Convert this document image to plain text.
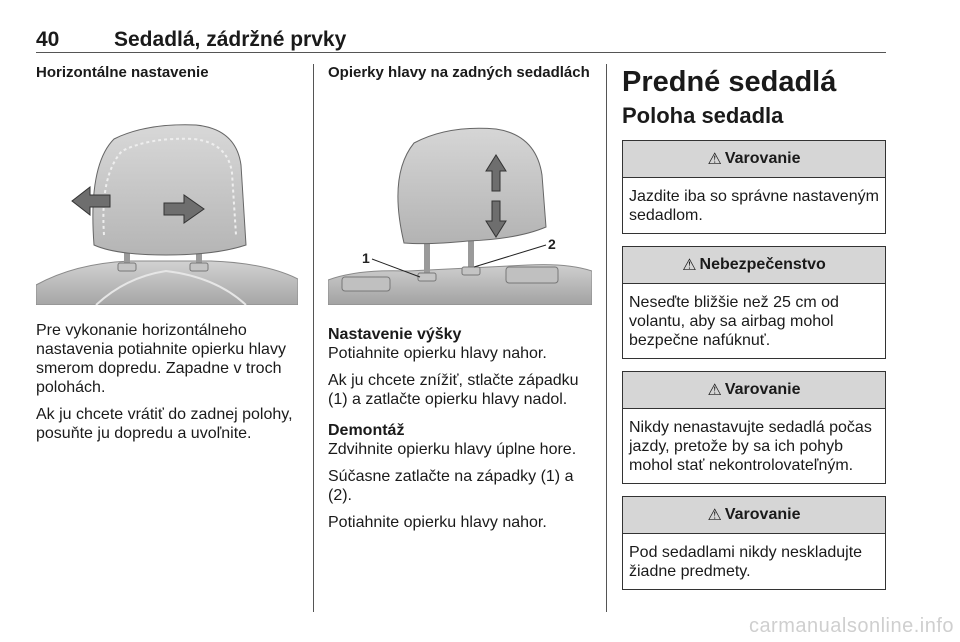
40	Sedadlá, zádržné prvky
Horizontálne nastavenie

Pre vykonanie horizontálneho nastavenia potiahnite opierku hlavy smerom dopredu. Zapadne v troch polohách.

Ak ju chcete vrátiť do zadnej polohy, posuňte ju dopredu a uvoľnite.

Opierky hlavy na zadných sedadlách
1
2
Nastavenie výšky

Potiahnite opierku hlavy nahor.

Ak ju chcete znížiť, stlačte západku (1) a zatlačte opierku hlavy nadol.

Demontáž

Zdvihnite opierku hlavy úplne hore.

Súčasne zatlačte na západky (1) a (2).

Potiahnite opierku hlavy nahor.

Predné sedadlá
Poloha sedadla
⚠ Varovanie
Jazdite iba so správne nastaveným sedadlom.
⚠ Nebezpečenstvo
Neseďte bližšie než 25 cm od volantu, aby sa airbag mohol bezpečne nafúknuť.
⚠ Varovanie
Nikdy nenastavujte sedadlá počas jazdy, pretože by sa ich pohyb mohol stať nekontrolovateľným.
⚠ Varovanie
Pod sedadlami nikdy neskladujte žiadne predmety.
carmanualsonline.info
